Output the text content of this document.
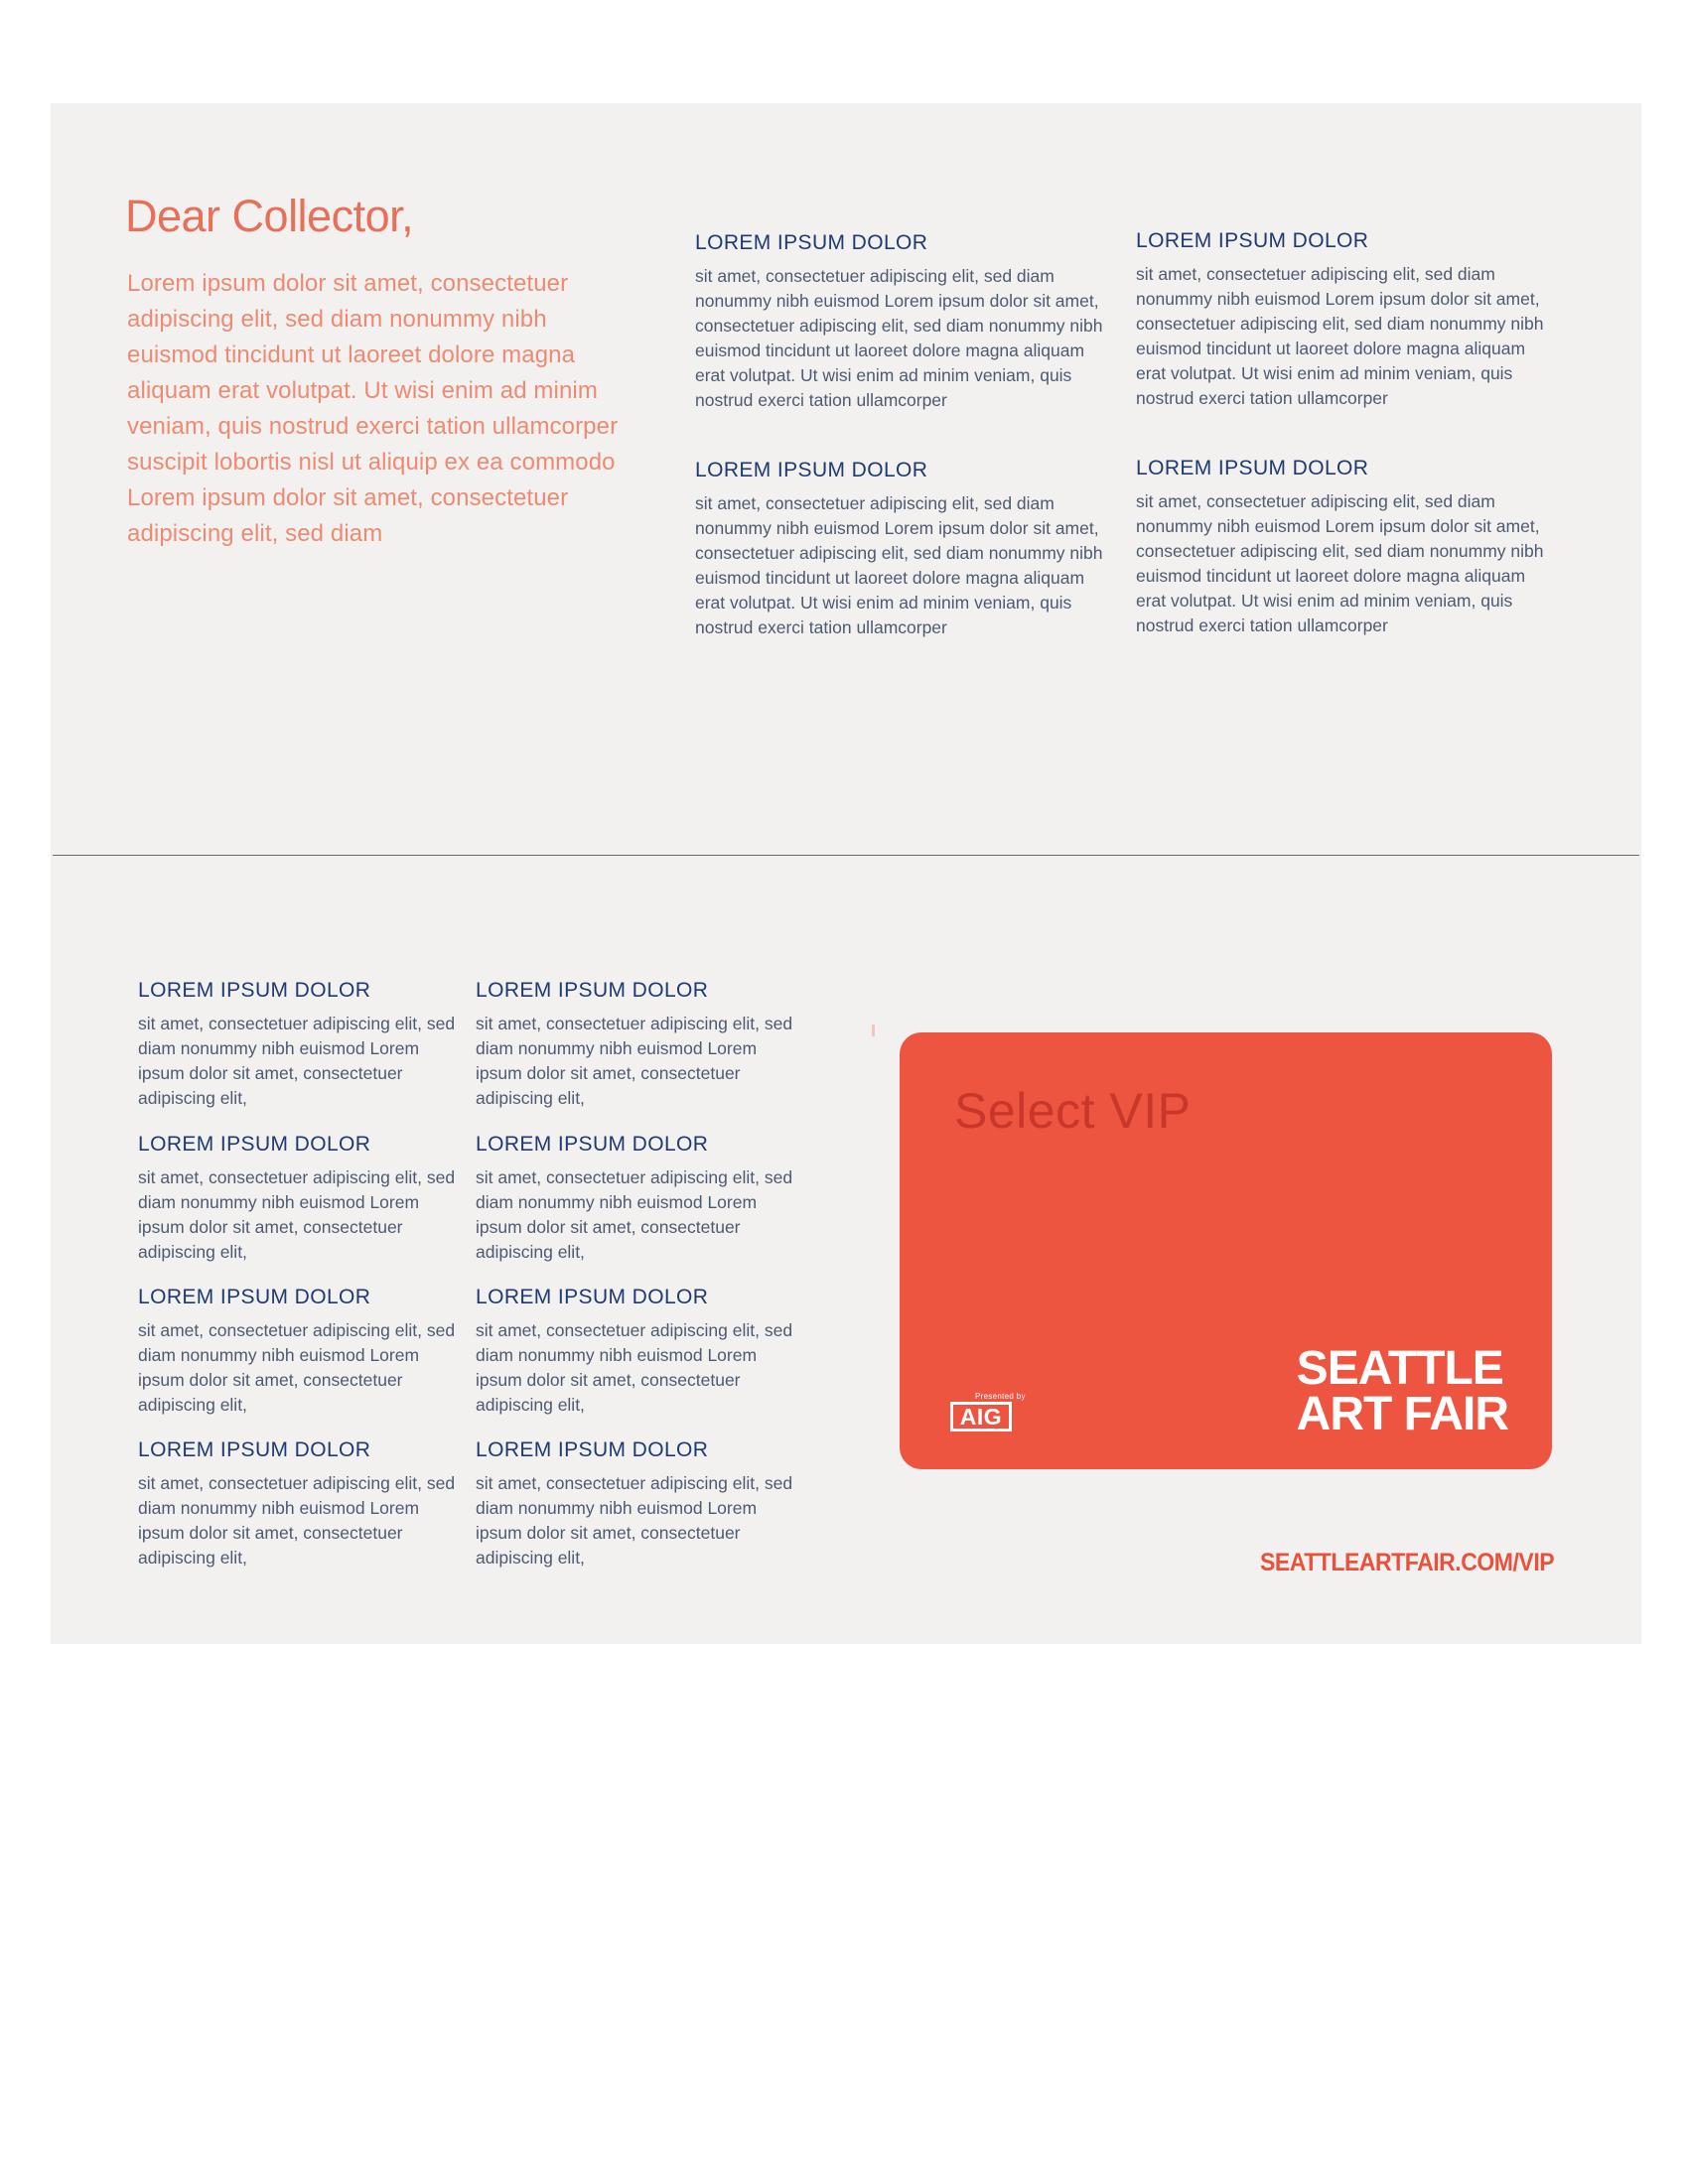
Dear Collector,

Lorem ipsum dolor sit amet, consectetuer adipiscing elit, sed diam nonummy nibh euismod tincidunt ut laoreet dolore magna aliquam erat volutpat. Ut wisi enim ad minim veniam, quis nostrud exerci tation ullamcorper suscipit lobortis nisl ut aliquip ex ea commodo Lorem ipsum dolor sit amet, consectetuer adipiscing elit, sed diam

LOREM IPSUM DOLOR

sit amet, consectetuer adipiscing elit, sed diam nonummy nibh euismod Lorem ipsum dolor sit amet, consectetuer adipiscing elit, sed diam nonummy nibh euismod tincidunt ut laoreet dolore magna aliquam erat volutpat. Ut wisi enim ad minim veniam, quis nostrud exerci tation ullamcorper

LOREM IPSUM DOLOR

sit amet, consectetuer adipiscing elit, sed diam nonummy nibh euismod Lorem ipsum dolor sit amet, consectetuer adipiscing elit, sed diam nonummy nibh euismod tincidunt ut laoreet dolore magna aliquam erat volutpat. Ut wisi enim ad minim veniam, quis nostrud exerci tation ullamcorper

LOREM IPSUM DOLOR

sit amet, consectetuer adipiscing elit, sed diam nonummy nibh euismod Lorem ipsum dolor sit amet, consectetuer adipiscing elit, sed diam nonummy nibh euismod tincidunt ut laoreet dolore magna aliquam erat volutpat. Ut wisi enim ad minim veniam, quis nostrud exerci tation ullamcorper

LOREM IPSUM DOLOR

sit amet, consectetuer adipiscing elit, sed diam nonummy nibh euismod Lorem ipsum dolor sit amet, consectetuer adipiscing elit, sed diam nonummy nibh euismod tincidunt ut laoreet dolore magna aliquam erat volutpat. Ut wisi enim ad minim veniam, quis nostrud exerci tation ullamcorper

LOREM IPSUM DOLOR

sit amet, consectetuer adipiscing elit, sed diam nonummy nibh euismod Lorem ipsum dolor sit amet, consectetuer adipiscing elit,

LOREM IPSUM DOLOR

sit amet, consectetuer adipiscing elit, sed diam nonummy nibh euismod Lorem ipsum dolor sit amet, consectetuer adipiscing elit,

LOREM IPSUM DOLOR

sit amet, consectetuer adipiscing elit, sed diam nonummy nibh euismod Lorem ipsum dolor sit amet, consectetuer adipiscing elit,

LOREM IPSUM DOLOR

sit amet, consectetuer adipiscing elit, sed diam nonummy nibh euismod Lorem ipsum dolor sit amet, consectetuer adipiscing elit,

LOREM IPSUM DOLOR

sit amet, consectetuer adipiscing elit, sed diam nonummy nibh euismod Lorem ipsum dolor sit amet, consectetuer adipiscing elit,

LOREM IPSUM DOLOR

sit amet, consectetuer adipiscing elit, sed diam nonummy nibh euismod Lorem ipsum dolor sit amet, consectetuer adipiscing elit,

LOREM IPSUM DOLOR

sit amet, consectetuer adipiscing elit, sed diam nonummy nibh euismod Lorem ipsum dolor sit amet, consectetuer adipiscing elit,

LOREM IPSUM DOLOR

sit amet, consectetuer adipiscing elit, sed diam nonummy nibh euismod Lorem ipsum dolor sit amet, consectetuer adipiscing elit,

Select VIP
Presented by
AIG
SEATTLE
ART FAIR
SEATTLEARTFAIR.COM/VIP
